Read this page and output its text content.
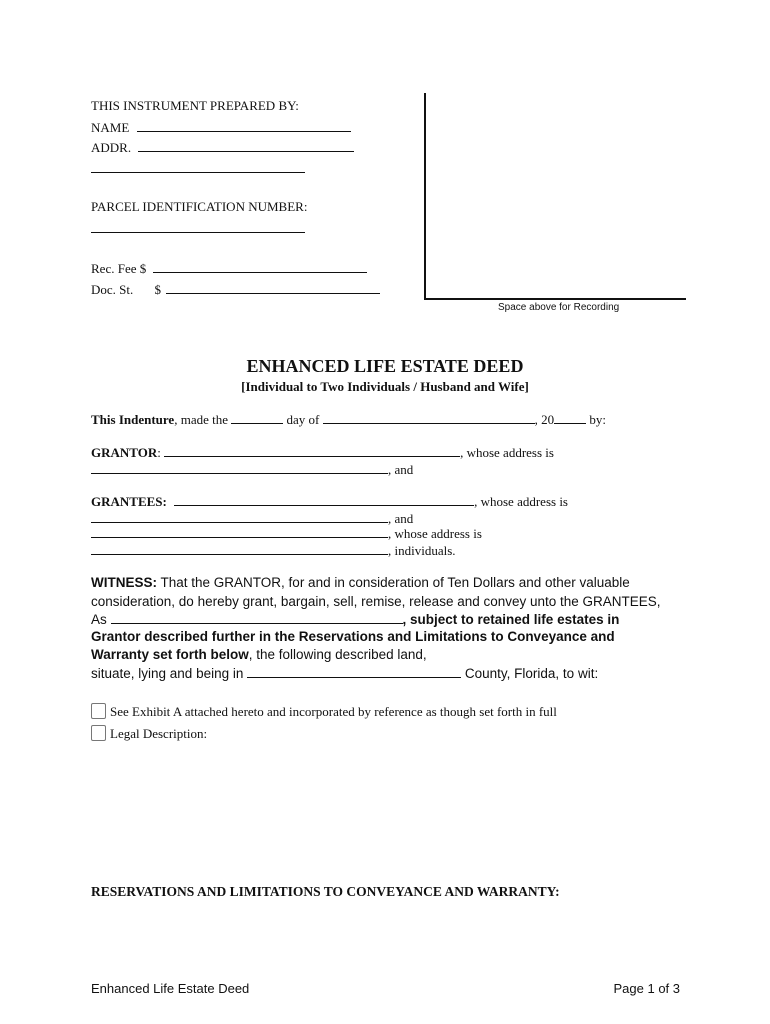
THIS INSTRUMENT PREPARED BY:
NAME
ADDR.
PARCEL IDENTIFICATION NUMBER:
Rec. Fee $
Doc. St. $
Space above for Recording
ENHANCED LIFE ESTATE DEED
[Individual to Two Individuals / Husband and Wife]
This Indenture, made the	day of	, 20	by:
GRANTOR:	, whose address is
, and
GRANTEES:	, whose address is
, and
, whose address is
, individuals.
WITNESS: That the GRANTOR, for and in consideration of Ten Dollars and other valuable
consideration, do hereby grant, bargain, sell, remise, release and convey unto the GRANTEES,
As	, subject to retained life estates in
Grantor described further in the Reservations and Limitations to Conveyance and
Warranty set forth below, the following described land,
situate, lying and being in	County, Florida, to wit:
See Exhibit A attached hereto and incorporated by reference as though set forth in full
Legal Description:
RESERVATIONS AND LIMITATIONS TO CONVEYANCE AND WARRANTY:
Enhanced Life Estate Deed	Page 1 of 3
